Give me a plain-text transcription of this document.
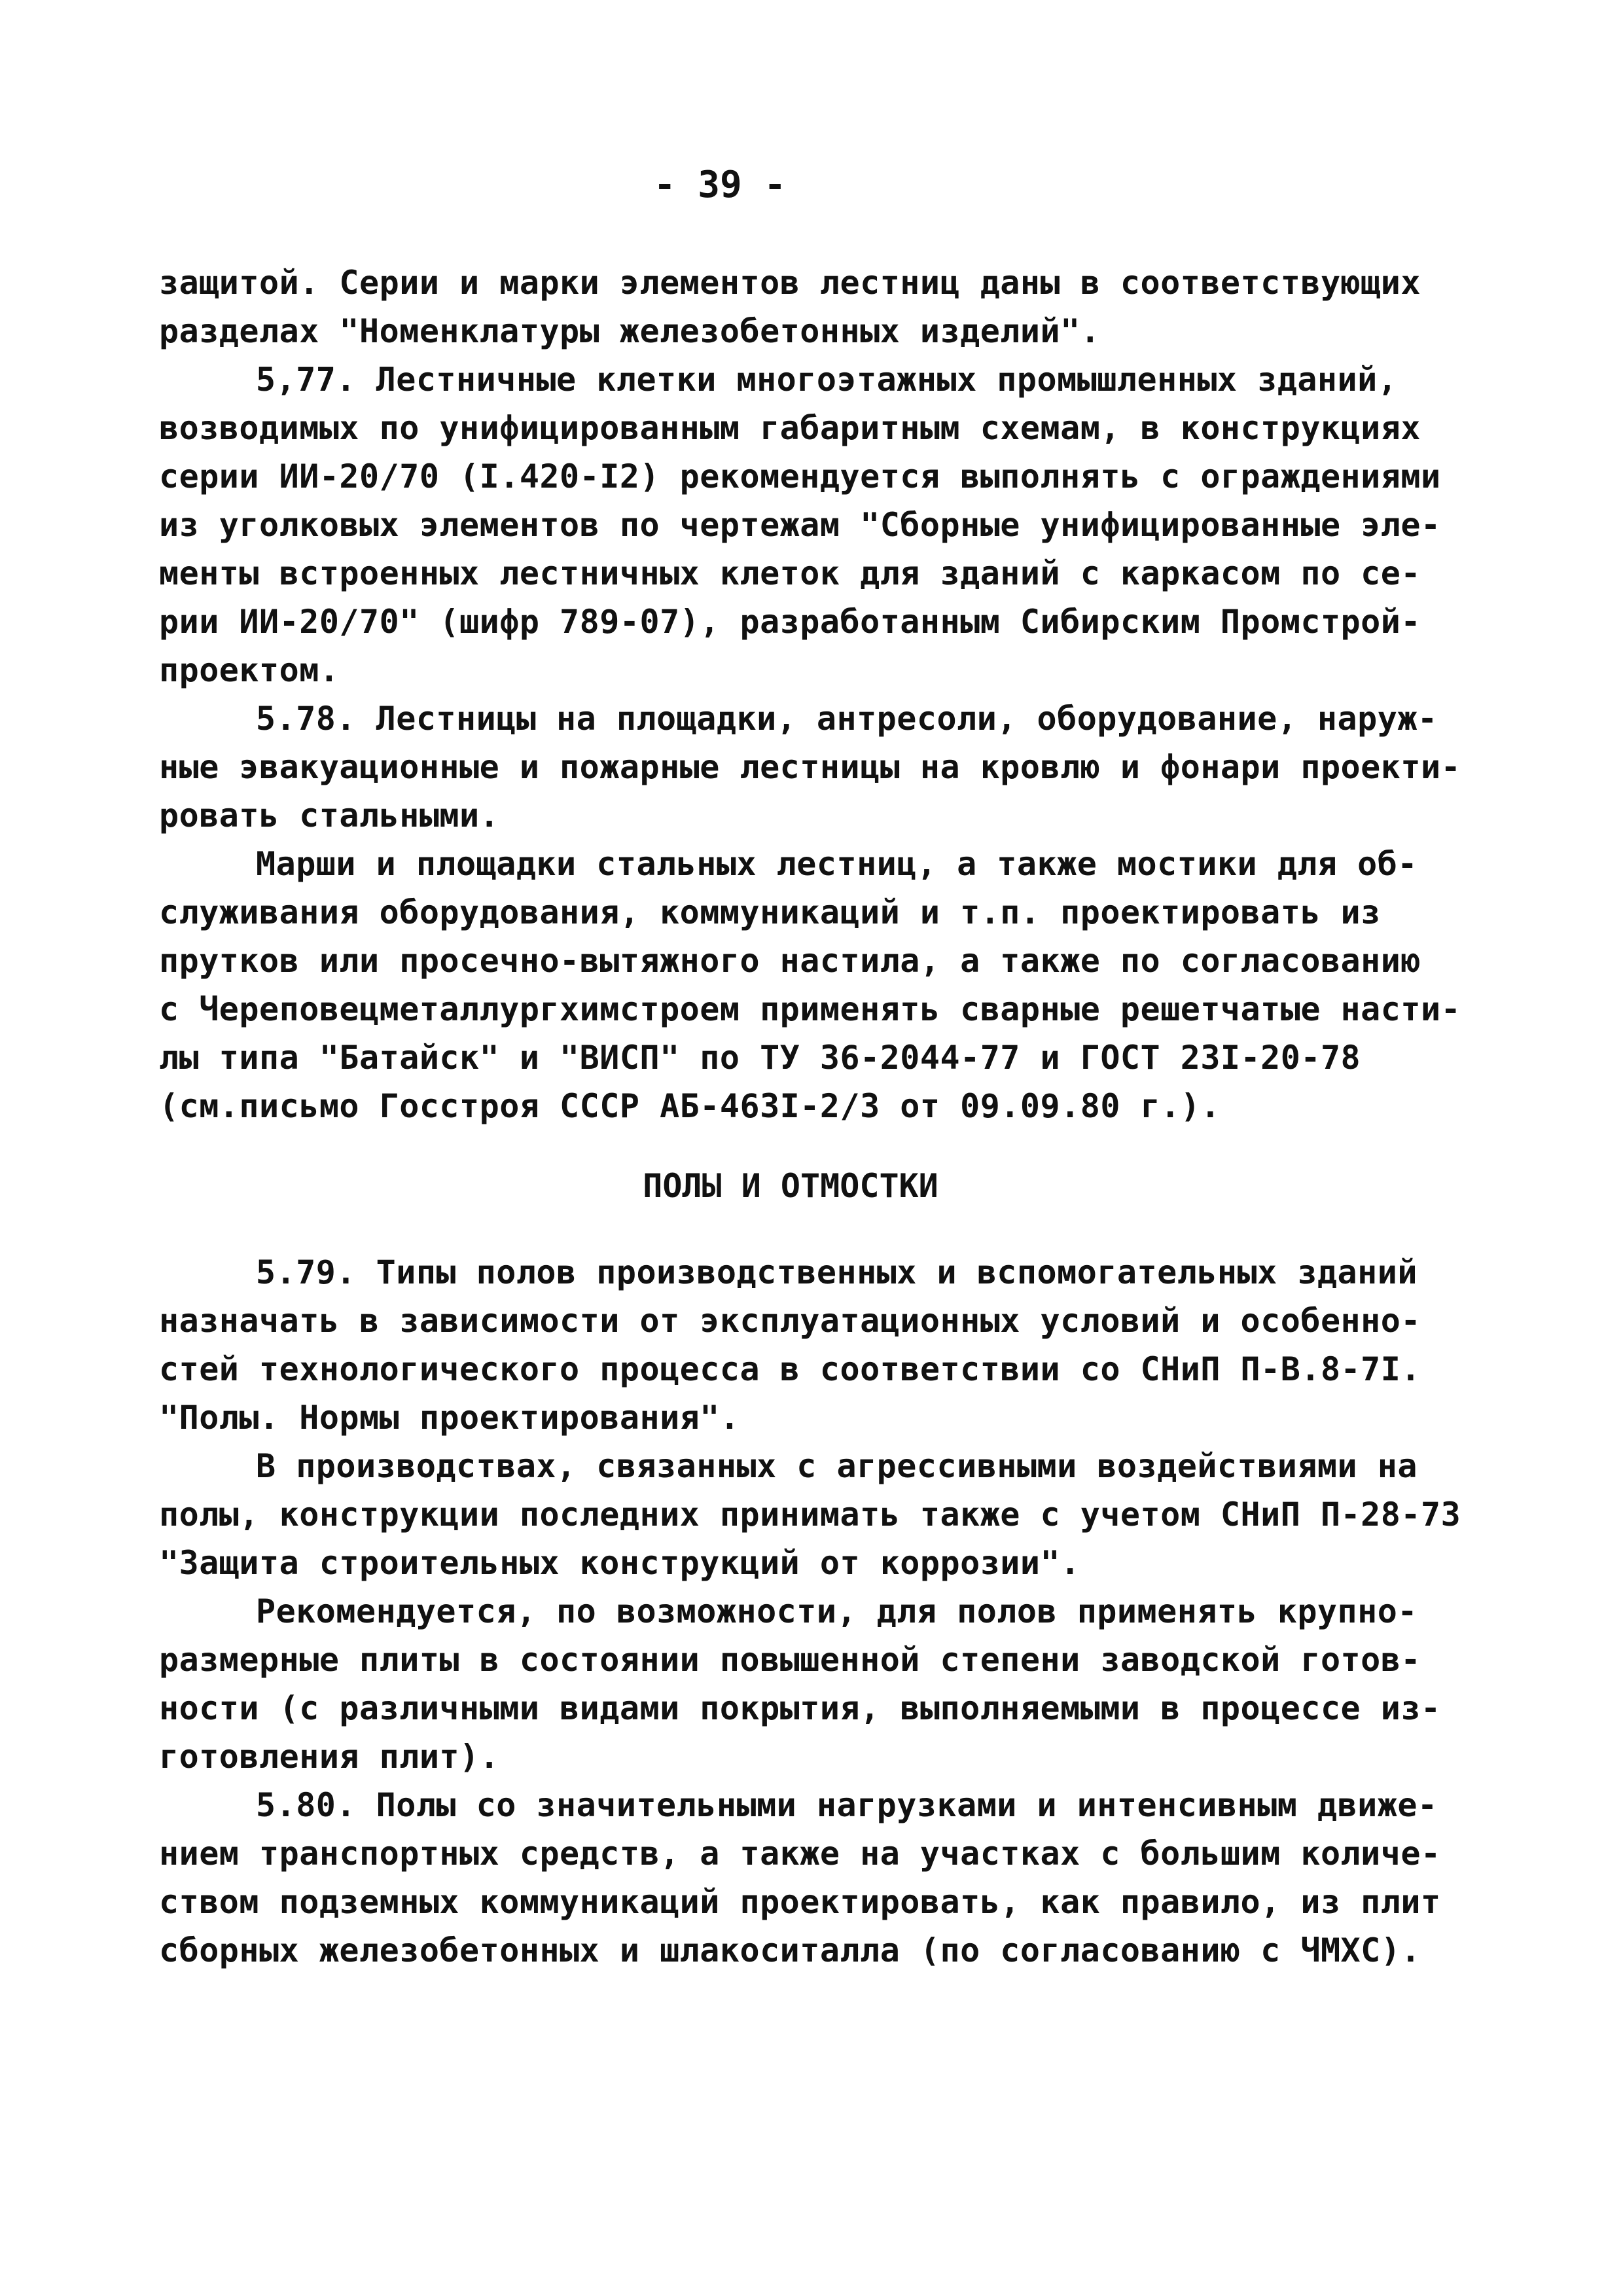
- 39 -
защитой. Серии и марки элементов лестниц даны в соответствующих
разделах "Номенклатуры железобетонных изделий".
5,77. Лестничные клетки многоэтажных промышленных зданий,
возводимых по унифицированным габаритным схемам, в конструкциях
серии ИИ-20/70 (I.420-I2) рекомендуется выполнять с ограждениями
из уголковых элементов по чертежам "Сборные унифицированные эле-
менты встроенных лестничных клеток для зданий с каркасом по се-
рии ИИ-20/70" (шифр 789-07), разработанным Сибирским Промстрой-
проектом.
5.78. Лестницы на площадки, антресоли, оборудование, наруж-
ные эвакуационные и пожарные лестницы на кровлю и фонари проекти-
ровать стальными.
Марши и площадки стальных лестниц, а также мостики для об-
служивания оборудования, коммуникаций и т.п. проектировать из
прутков или просечно-вытяжного настила, а также по согласованию
с Череповецметаллургхимстроем применять сварные решетчатые насти-
лы типа "Батайск" и "ВИСП" по ТУ 36-2044-77 и ГОСТ 23I-20-78
(см.письмо Госстроя СССР АБ-463I-2/3 от 09.09.80 г.).
ПОЛЫ И ОТМОСТКИ
5.79. Типы полов производственных и вспомогательных зданий
назначать в зависимости от эксплуатационных условий и особенно-
стей технологического процесса в соответствии со СНиП П-В.8-7I.
"Полы. Нормы проектирования".
В производствах, связанных с агрессивными воздействиями на
полы, конструкции последних принимать также с учетом СНиП П-28-73
"Защита строительных конструкций от коррозии".
Рекомендуется, по возможности, для полов применять крупно-
размерные плиты в состоянии повышенной степени заводской готов-
ности (с различными видами покрытия, выполняемыми в процессе из-
готовления плит).
5.80. Полы со значительными нагрузками и интенсивным движе-
нием транспортных средств, а также на участках с большим количе-
ством подземных коммуникаций проектировать, как правило, из плит
сборных железобетонных и шлакоситалла (по согласованию с ЧМХС).
